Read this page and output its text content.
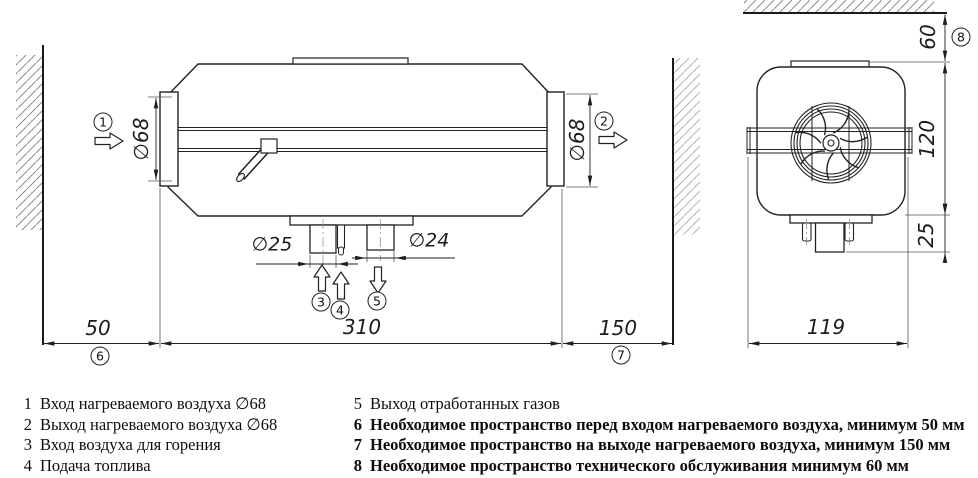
∅68	∅68
∅25	∅24
50	310	150	119
60
120
25
1	2
3
4
5
6	7
8
1 Вход нагреваемого воздуха ∅68
2 Выход нагреваемого воздуха ∅68
3 Вход воздуха для горения
4 Подача топлива
5 Выход отработанных газов
6 Необходимое пространство перед входом нагреваемого воздуха, минимум 50 мм
7 Необходимое пространство на выходе нагреваемого воздуха, минимум 150 мм
8 Необходимое пространство технического обслуживания минимум 60 мм
